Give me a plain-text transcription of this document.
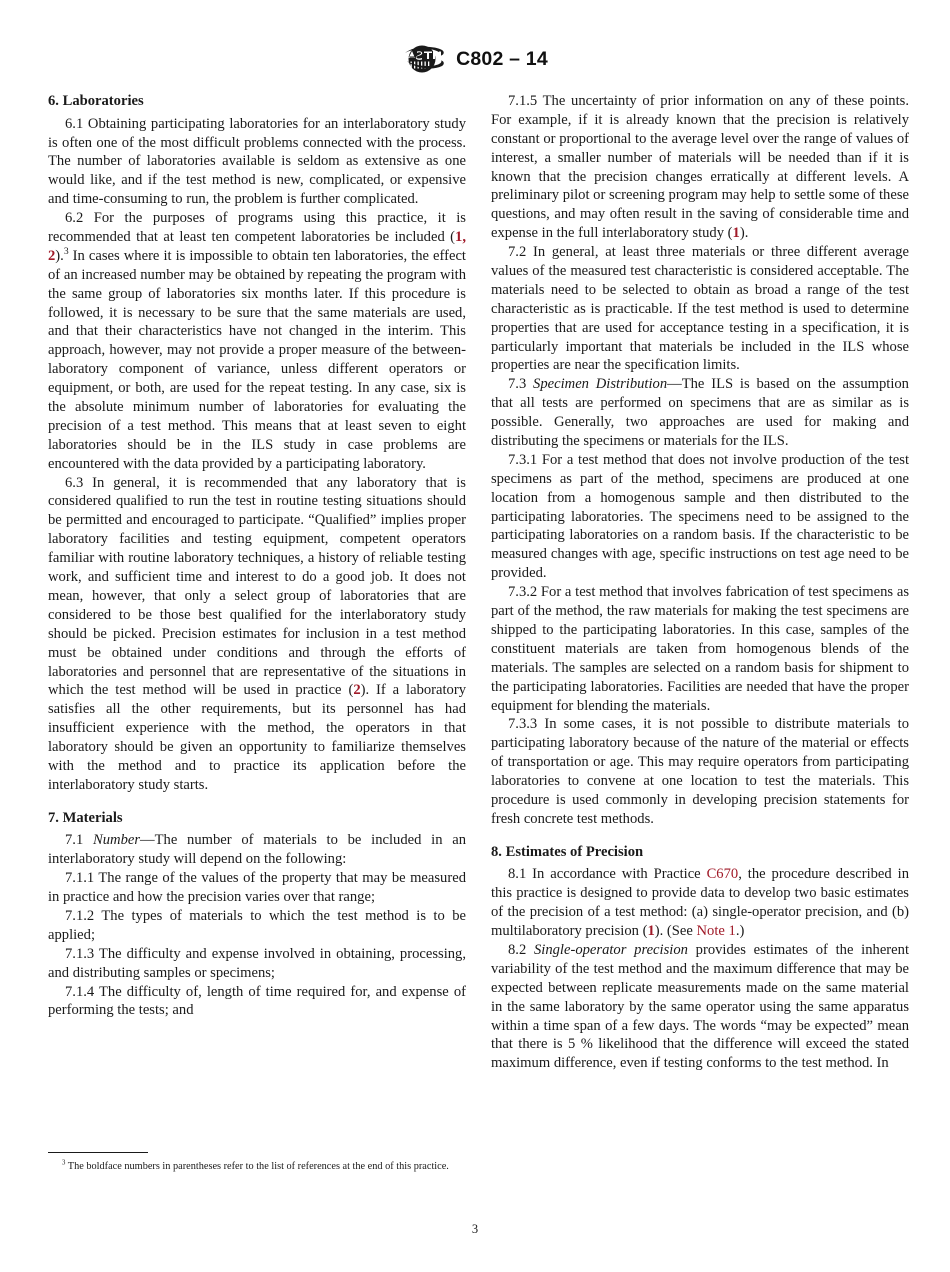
C802 – 14
6. Laboratories

6.1 Obtaining participating laboratories for an interlaboratory study is often one of the most difficult problems connected with the process. The number of laboratories available is seldom as extensive as one would like, and if the test method is new, complicated, or expensive and time-consuming to run, the problem is further complicated.

6.2 For the purposes of programs using this practice, it is recommended that at least ten competent laboratories be included (1, 2).$^3$ In cases where it is impossible to obtain ten laboratories, the effect of an increased number may be obtained by repeating the program with the same group of laboratories six months later. If this procedure is followed, it is necessary to be sure that the same materials are used, and that their characteristics have not changed in the interim. This approach, however, may not provide a proper measure of the between-laboratory component of variance, unless different operators or equipment, or both, are used for the repeat testing. In any case, six is the absolute minimum number of laboratories for evaluating the precision of a test method. This means that at least seven to eight laboratories should be in the ILS study in case problems are encountered with the data provided by a participating laboratory.

6.3 In general, it is recommended that any laboratory that is considered qualified to run the test in routine testing situations should be permitted and encouraged to participate. “Qualified” implies proper laboratory facilities and testing equipment, competent operators familiar with routine laboratory techniques, a history of reliable testing work, and sufficient time and interest to do a good job. It does not mean, however, that only a select group of laboratories that are considered to be those best qualified for the interlaboratory study should be picked. Precision estimates for inclusion in a test method must be obtained under conditions and through the efforts of laboratories and personnel that are representative of the situations in which the test method will be used in practice (2). If a laboratory satisfies all the other requirements, but its personnel has had insufficient experience with the method, the operators in that laboratory should be given an opportunity to familiarize themselves with the method and to practice its application before the interlaboratory study starts.

7. Materials

7.1 Number—The number of materials to be included in an interlaboratory study will depend on the following:

7.1.1 The range of the values of the property that may be measured in practice and how the precision varies over that range;

7.1.2 The types of materials to which the test method is to be applied;

7.1.3 The difficulty and expense involved in obtaining, processing, and distributing samples or specimens;

7.1.4 The difficulty of, length of time required for, and expense of performing the tests; and

7.1.5 The uncertainty of prior information on any of these points. For example, if it is already known that the precision is relatively constant or proportional to the average level over the range of values of interest, a smaller number of materials will be needed than if it is known that the precision changes erratically at different levels. A preliminary pilot or screening program may help to settle some of these questions, and may often result in the saving of considerable time and expense in the full interlaboratory study (1).

7.2 In general, at least three materials or three different average values of the measured test characteristic is considered acceptable. The materials need to be selected to obtain as broad a range of the test characteristic as is practicable. If the test method is used to determine properties that are used for acceptance testing in a specification, it is particularly important that materials be included in the ILS whose properties are near the specification limits.

7.3 Specimen Distribution—The ILS is based on the assumption that all tests are performed on specimens that are as similar as is possible. Generally, two approaches are used for making and distributing the specimens or materials for the ILS.

7.3.1 For a test method that does not involve production of the test specimens as part of the method, specimens are produced at one location from a homogenous sample and then distributed to the participating laboratories. The specimens need to be assigned to the participating laboratories on a random basis. If the characteristic to be measured changes with age, specific instructions on test age need to be provided.

7.3.2 For a test method that involves fabrication of test specimens as part of the method, the raw materials for making the test specimens are shipped to the participating laboratories. In this case, samples of the constituent materials are taken from homogenous blends of the materials. The samples are selected on a random basis for shipment to the participating laboratories. Facilities are needed that have the proper equipment for blending the materials.

7.3.3 In some cases, it is not possible to distribute materials to participating laboratory because of the nature of the material or effects of transportation or age. This may require operators from participating laboratories to convene at one location to test the materials. This procedure is used commonly in developing precision statements for fresh concrete test methods.

8. Estimates of Precision

8.1 In accordance with Practice C670, the procedure described in this practice is designed to provide data to develop two basic estimates of the precision of a test method: (a) single-operator precision, and (b) multilaboratory precision (1). (See Note 1.)

8.2 Single-operator precision provides estimates of the inherent variability of the test method and the maximum difference that may be expected between replicate measurements made on the same material in the same laboratory by the same operator using the same apparatus within a time span of a few days. The words “may be expected” mean that there is 5 % likelihood that the difference will exceed the stated maximum difference, even if testing conforms to the test method. In

$^3$ The boldface numbers in parentheses refer to the list of references at the end of this practice.

3
